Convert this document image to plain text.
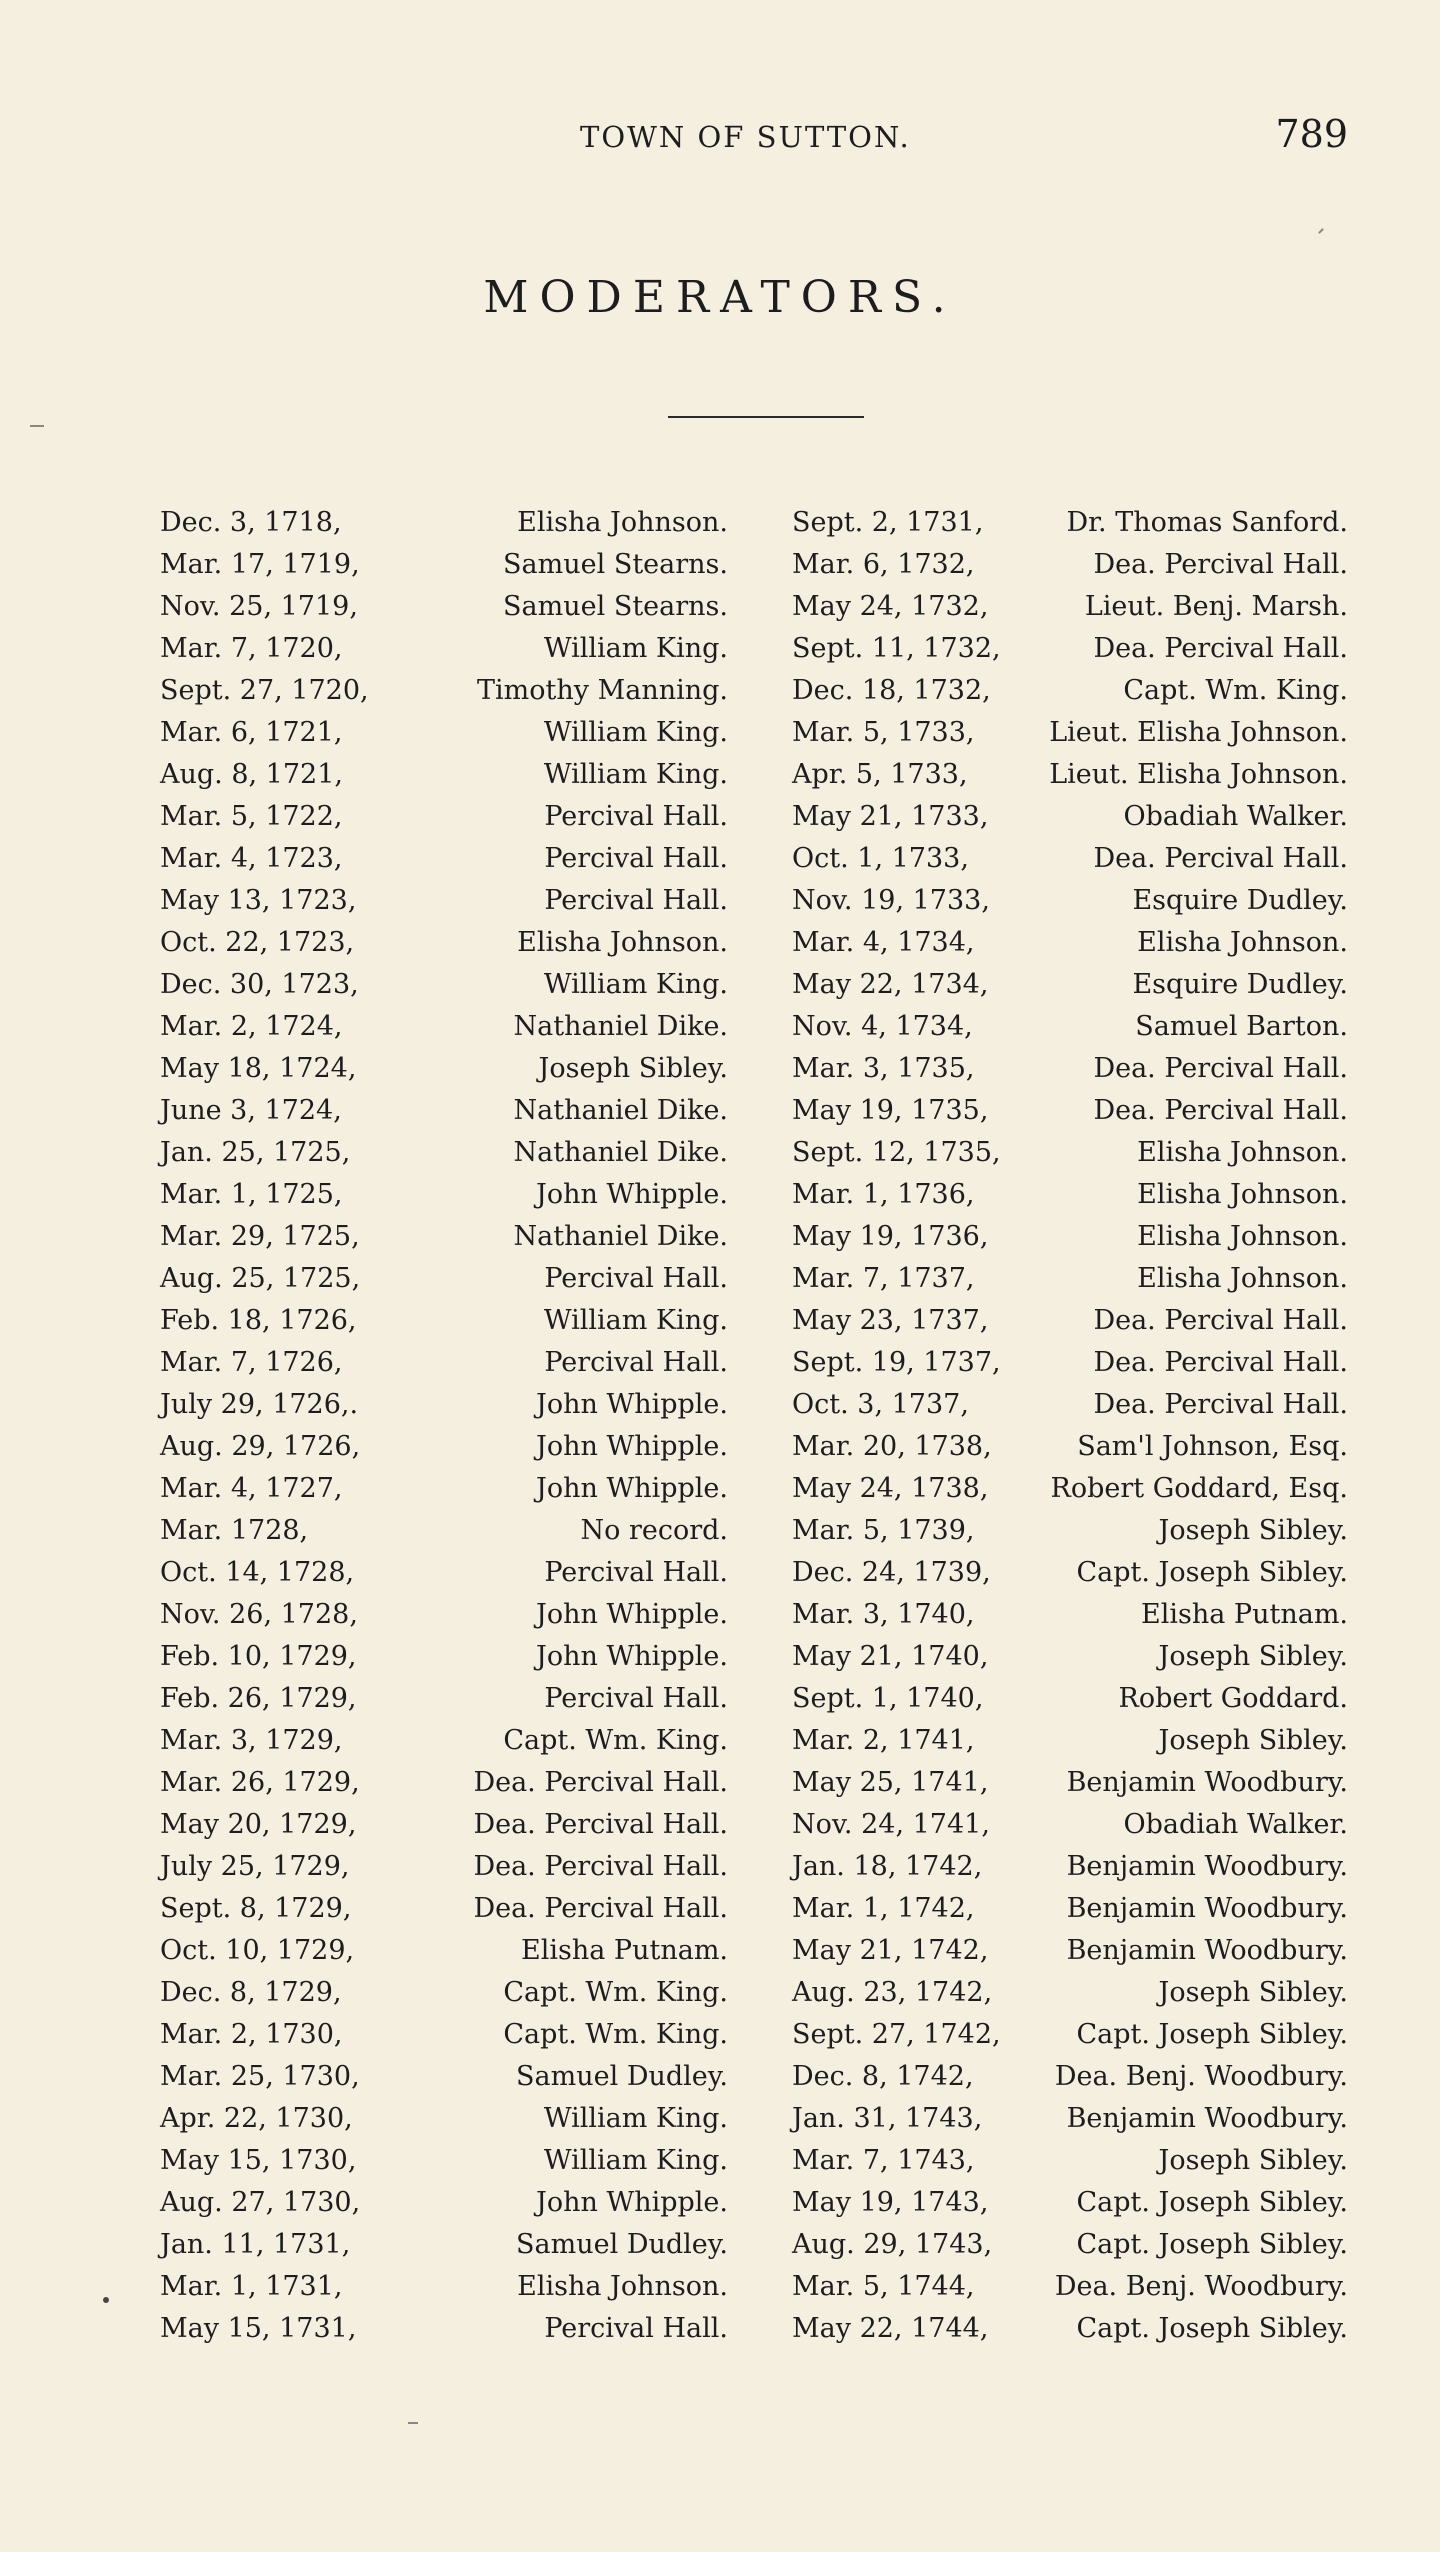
TOWN OF SUTTON.	789
MODERATORS.
Dec. 3, 1718,	Elisha Johnson.
Mar. 17, 1719,	Samuel Stearns.
Nov. 25, 1719,	Samuel Stearns.
Mar. 7, 1720,	William King.
Sept. 27, 1720,	Timothy Manning.
Mar. 6, 1721,	William King.
Aug. 8, 1721,	William King.
Mar. 5, 1722,	Percival Hall.
Mar. 4, 1723,	Percival Hall.
May 13, 1723,	Percival Hall.
Oct. 22, 1723,	Elisha Johnson.
Dec. 30, 1723,	William King.
Mar. 2, 1724,	Nathaniel Dike.
May 18, 1724,	Joseph Sibley.
June 3, 1724,	Nathaniel Dike.
Jan. 25, 1725,	Nathaniel Dike.
Mar. 1, 1725,	John Whipple.
Mar. 29, 1725,	Nathaniel Dike.
Aug. 25, 1725,	Percival Hall.
Feb. 18, 1726,	William King.
Mar. 7, 1726,	Percival Hall.
July 29, 1726,.	John Whipple.
Aug. 29, 1726,	John Whipple.
Mar. 4, 1727,	John Whipple.
Mar. 1728,	No record.
Oct. 14, 1728,	Percival Hall.
Nov. 26, 1728,	John Whipple.
Feb. 10, 1729,	John Whipple.
Feb. 26, 1729,	Percival Hall.
Mar. 3, 1729,	Capt. Wm. King.
Mar. 26, 1729,	Dea. Percival Hall.
May 20, 1729,	Dea. Percival Hall.
July 25, 1729,	Dea. Percival Hall.
Sept. 8, 1729,	Dea. Percival Hall.
Oct. 10, 1729,	Elisha Putnam.
Dec. 8, 1729,	Capt. Wm. King.
Mar. 2, 1730,	Capt. Wm. King.
Mar. 25, 1730,	Samuel Dudley.
Apr. 22, 1730,	William King.
May 15, 1730,	William King.
Aug. 27, 1730,	John Whipple.
Jan. 11, 1731,	Samuel Dudley.
Mar. 1, 1731,	Elisha Johnson.
May 15, 1731,	Percival Hall.
Sept. 2, 1731,	Dr. Thomas Sanford.
Mar. 6, 1732,	Dea. Percival Hall.
May 24, 1732,	Lieut. Benj. Marsh.
Sept. 11, 1732,	Dea. Percival Hall.
Dec. 18, 1732,	Capt. Wm. King.
Mar. 5, 1733,	Lieut. Elisha Johnson.
Apr. 5, 1733,	Lieut. Elisha Johnson.
May 21, 1733,	Obadiah Walker.
Oct. 1, 1733,	Dea. Percival Hall.
Nov. 19, 1733,	Esquire Dudley.
Mar. 4, 1734,	Elisha Johnson.
May 22, 1734,	Esquire Dudley.
Nov. 4, 1734,	Samuel Barton.
Mar. 3, 1735,	Dea. Percival Hall.
May 19, 1735,	Dea. Percival Hall.
Sept. 12, 1735,	Elisha Johnson.
Mar. 1, 1736,	Elisha Johnson.
May 19, 1736,	Elisha Johnson.
Mar. 7, 1737,	Elisha Johnson.
May 23, 1737,	Dea. Percival Hall.
Sept. 19, 1737,	Dea. Percival Hall.
Oct. 3, 1737,	Dea. Percival Hall.
Mar. 20, 1738,	Sam'l Johnson, Esq.
May 24, 1738, Robert Goddard, Esq.
Mar. 5, 1739,	Joseph Sibley.
Dec. 24, 1739,	Capt. Joseph Sibley.
Mar. 3, 1740,	Elisha Putnam.
May 21, 1740,	Joseph Sibley.
Sept. 1, 1740,	Robert Goddard.
Mar. 2, 1741,	Joseph Sibley.
May 25, 1741,	Benjamin Woodbury.
Nov. 24, 1741,	Obadiah Walker.
Jan. 18, 1742,	Benjamin Woodbury.
Mar. 1, 1742,	Benjamin Woodbury.
May 21, 1742,	Benjamin Woodbury.
Aug. 23, 1742,	Joseph Sibley.
Sept. 27, 1742,	Capt. Joseph Sibley.
Dec. 8, 1742,	Dea. Benj. Woodbury.
Jan. 31, 1743,	Benjamin Woodbury.
Mar. 7, 1743,	Joseph Sibley.
May 19, 1743,	Capt. Joseph Sibley.
Aug. 29, 1743,	Capt. Joseph Sibley.
Mar. 5, 1744,	Dea. Benj. Woodbury.
May 22, 1744,	Capt. Joseph Sibley.
